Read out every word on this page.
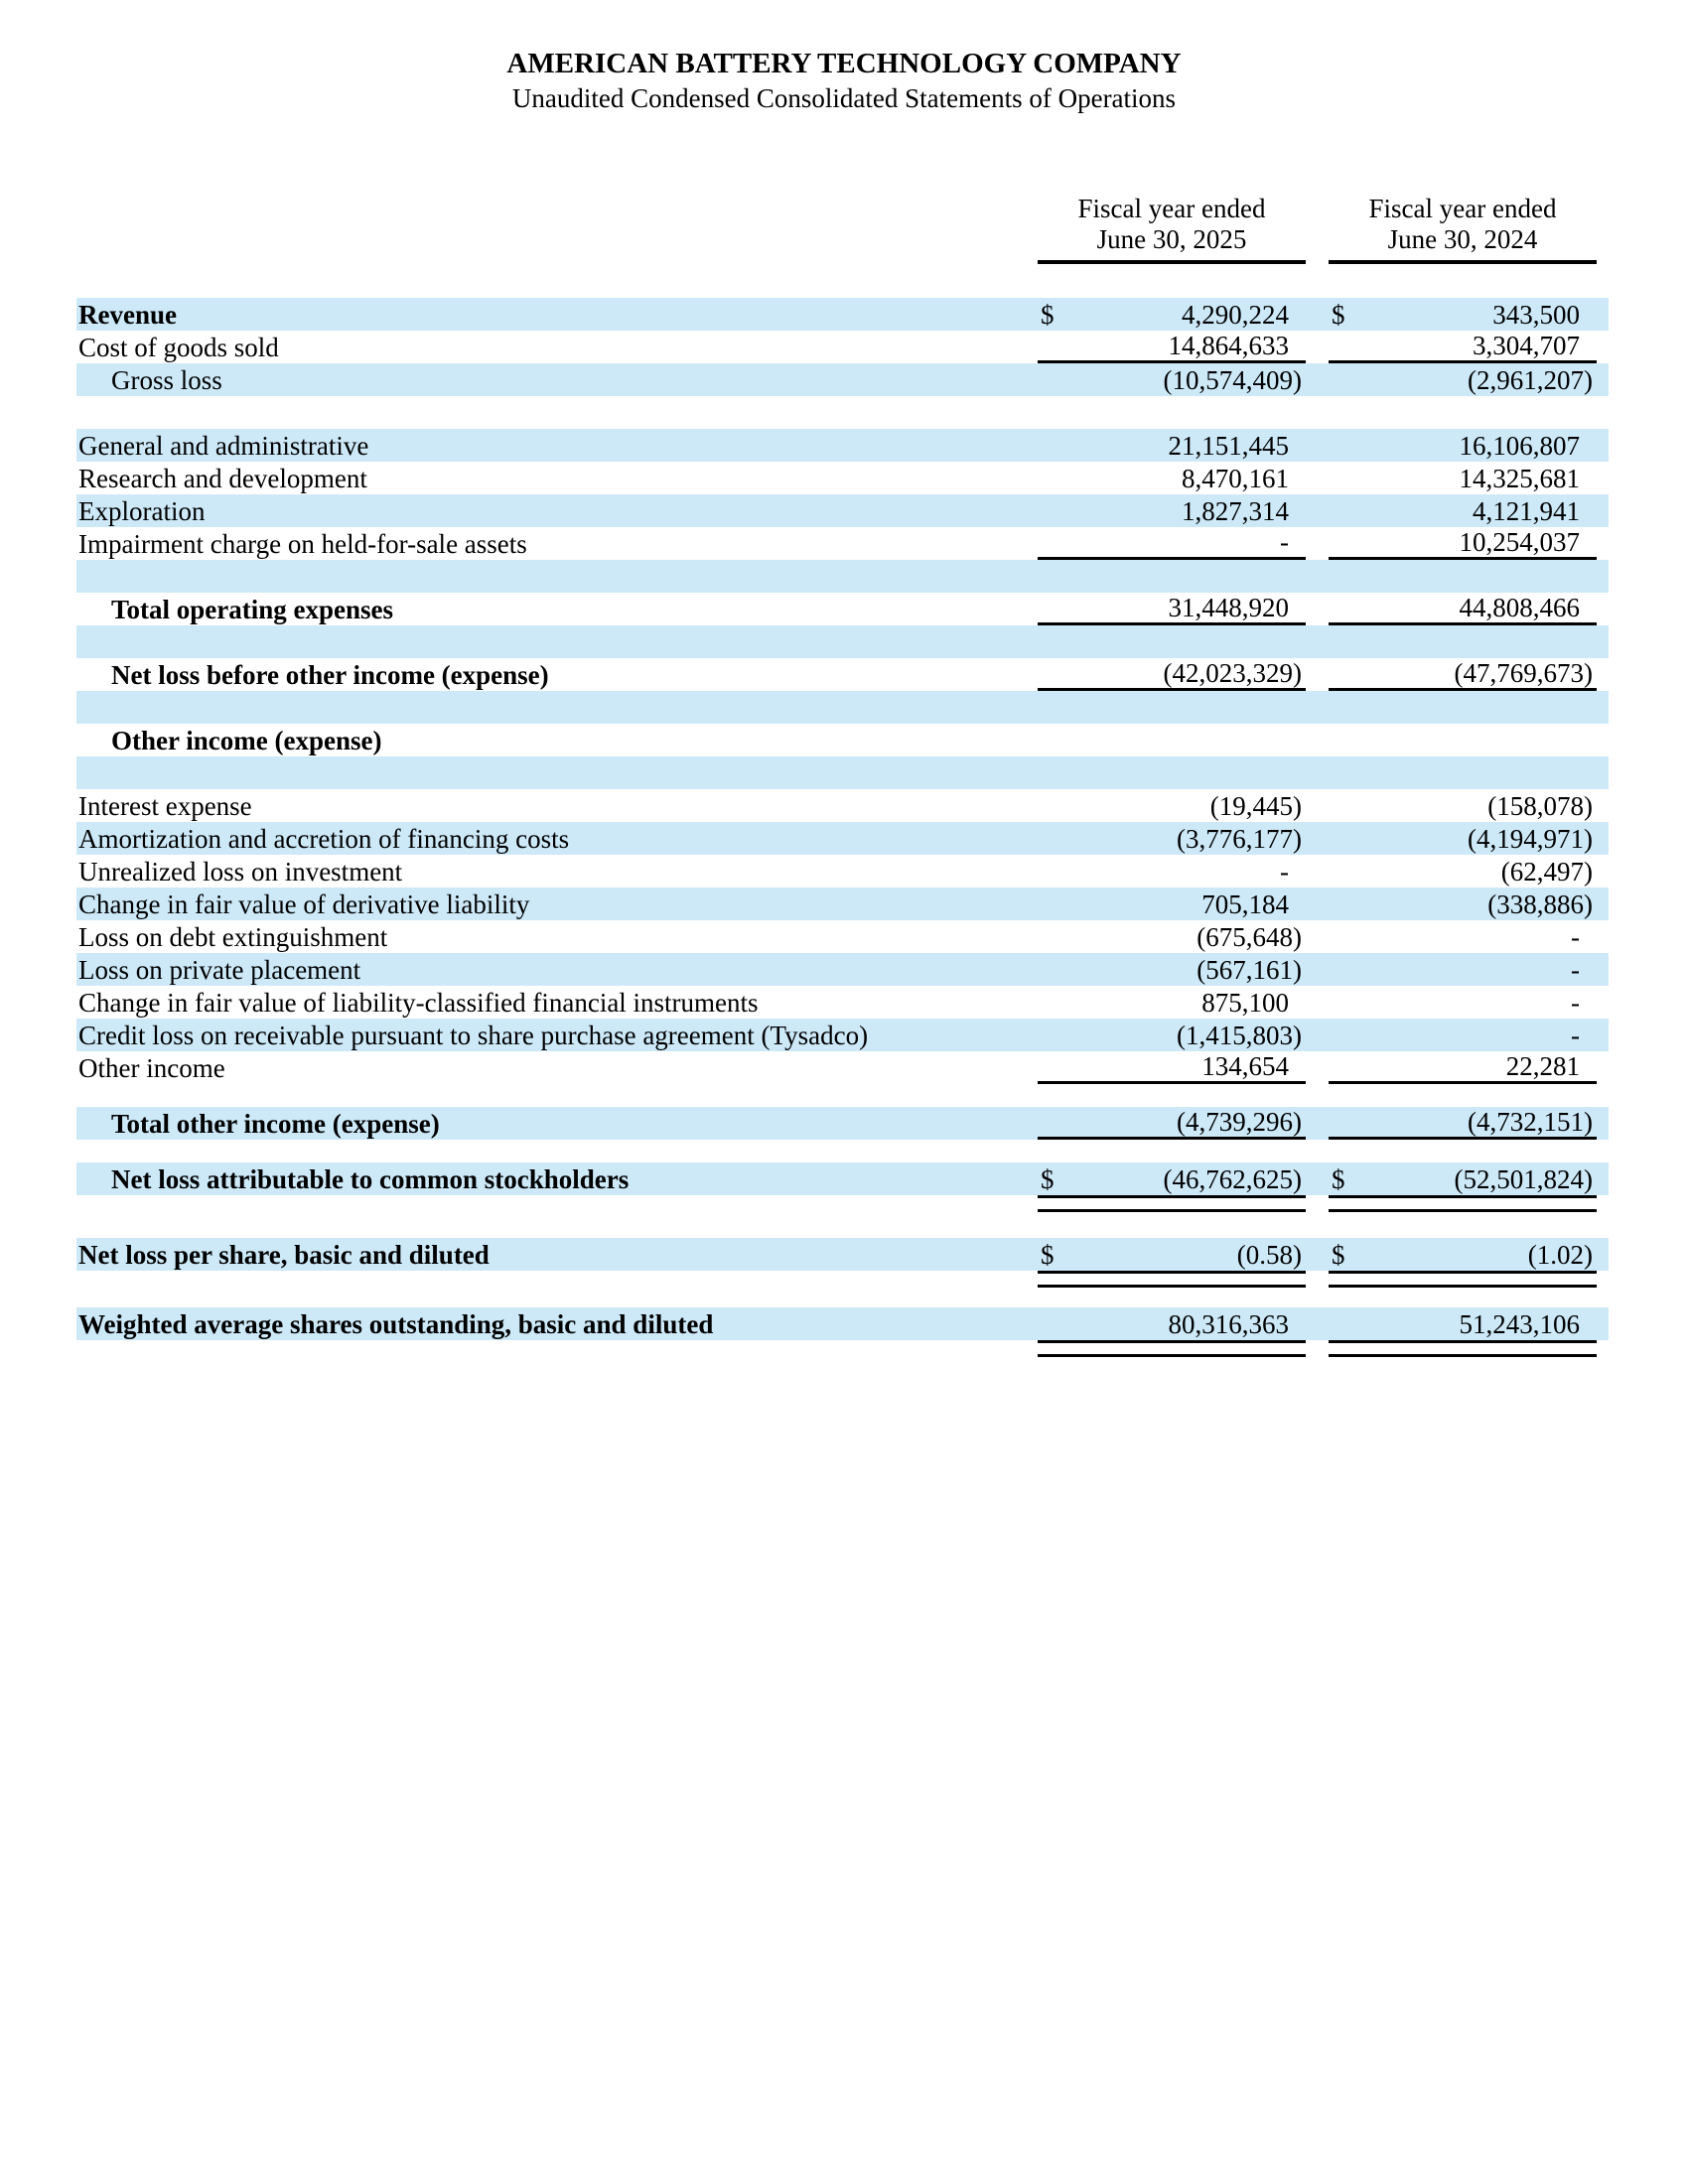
AMERICAN BATTERY TECHNOLOGY COMPANY
Unaudited Condensed Consolidated Statements of Operations
Fiscal year ended
June 30, 2025
Fiscal year ended
June 30, 2024
Revenue	$	4,290,224	$	343,500
Cost of goods sold	14,864,633	3,304,707
Gross loss	(10,574,409)	(2,961,207)
General and administrative	21,151,445	16,106,807
Research and development	8,470,161	14,325,681
Exploration	1,827,314	4,121,941
Impairment charge on held-for-sale assets	-	10,254,037
Total operating expenses	31,448,920	44,808,466
Net loss before other income (expense)	(42,023,329)	(47,769,673)
Other income (expense)
Interest expense	(19,445)	(158,078)
Amortization and accretion of financing costs	(3,776,177)	(4,194,971)
Unrealized loss on investment	-	(62,497)
Change in fair value of derivative liability	705,184	(338,886)
Loss on debt extinguishment	(675,648)	-
Loss on private placement	(567,161)	-
Change in fair value of liability-classified financial instruments	875,100	-
Credit loss on receivable pursuant to share purchase agreement (Tysadco)	(1,415,803)	-
Other income	134,654	22,281
Total other income (expense)	(4,739,296)	(4,732,151)
Net loss attributable to common stockholders	$	(46,762,625) $	(52,501,824)
Net loss per share, basic and diluted	$	(0.58) $	(1.02)
Weighted average shares outstanding, basic and diluted	80,316,363	51,243,106
